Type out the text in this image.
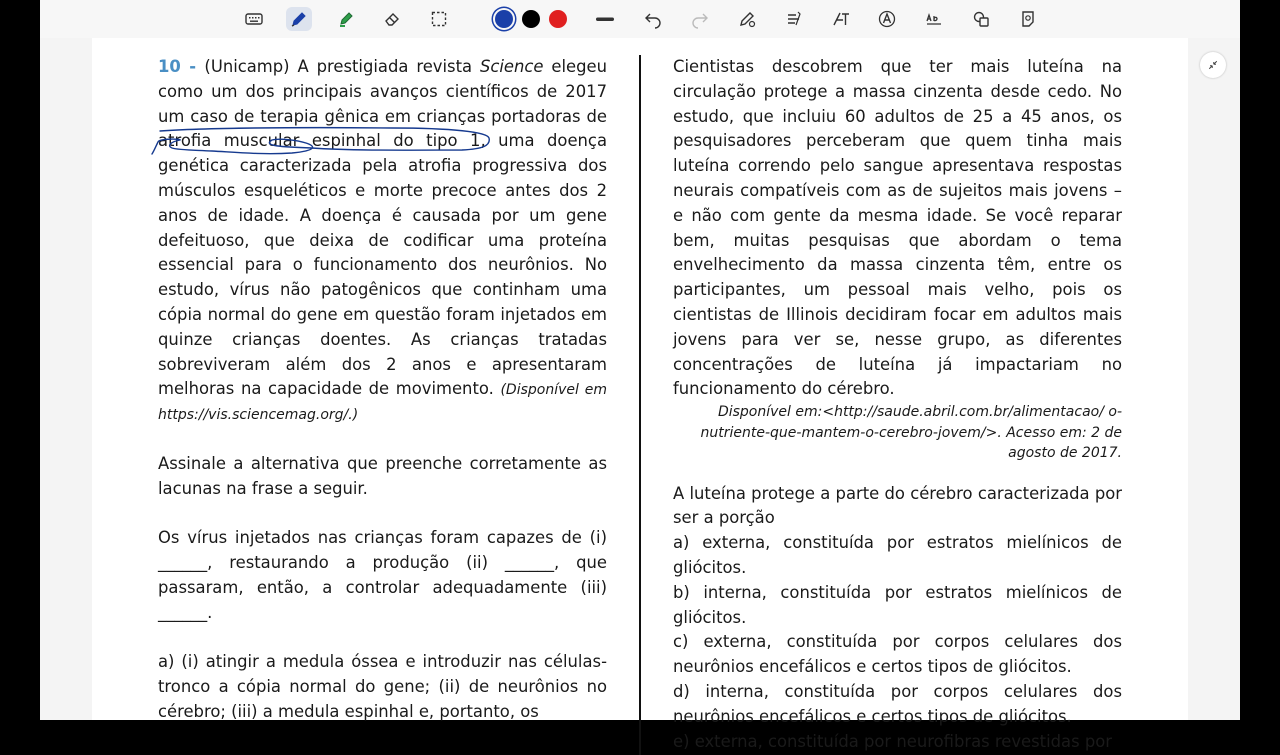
10 - (Unicamp) A prestigiada revista Science elegeu como um dos principais avanços científicos de 2017 um caso de terapia gênica em crianças portadoras de atrofia muscular espinhal do tipo 1, uma doença genética caracterizada pela atrofia progressiva dos músculos esqueléticos e morte precoce antes dos 2 anos de idade. A doença é causada por um gene defeituoso, que deixa de codificar uma proteína essencial para o funcionamento dos neurônios. No estudo, vírus não patogênicos que continham uma cópia normal do gene em questão foram injetados em quinze crianças doentes. As crianças tratadas sobreviveram além dos 2 anos e apresentaram melhoras na capacidade de movimento. (Disponível em https://vis.sciencemag.org/.)

Assinale a alternativa que preenche corretamente as lacunas na frase a seguir.

Os vírus injetados nas crianças foram capazes de (i) ______, restaurando a produção (ii) ______, que passaram, então, a controlar adequadamente (iii) ______.

a) (i) atingir a medula óssea e introduzir nas células-tronco a cópia normal do gene; (ii) de neurônios no cérebro; (iii) a medula espinhal e, portanto, os

Cientistas descobrem que ter mais luteína na circulação protege a massa cinzenta desde cedo. No estudo, que incluiu 60 adultos de 25 a 45 anos, os pesquisadores perceberam que quem tinha mais luteína correndo pelo sangue apresentava respostas neurais compatíveis com as de sujeitos mais jovens – e não com gente da mesma idade. Se você reparar bem, muitas pesquisas que abordam o tema envelhecimento da massa cinzenta têm, entre os participantes, um pessoal mais velho, pois os cientistas de Illinois decidiram focar em adultos mais jovens para ver se, nesse grupo, as diferentes concentrações de luteína já impactariam no funcionamento do cérebro.

Disponível em:<http://saude.abril.com.br/alimentacao/ o-nutriente-que-mantem-o-cerebro-jovem/>. Acesso em: 2 de agosto de 2017.

A luteína protege a parte do cérebro caracterizada por ser a porção

a) externa, constituída por estratos mielínicos de gliócitos.

b) interna, constituída por estratos mielínicos de gliócitos.

c) externa, constituída por corpos celulares dos neurônios encefálicos e certos tipos de gliócitos.

d) interna, constituída por corpos celulares dos neurônios encefálicos e certos tipos de gliócitos.

e) externa, constituída por neurofibras revestidas por
